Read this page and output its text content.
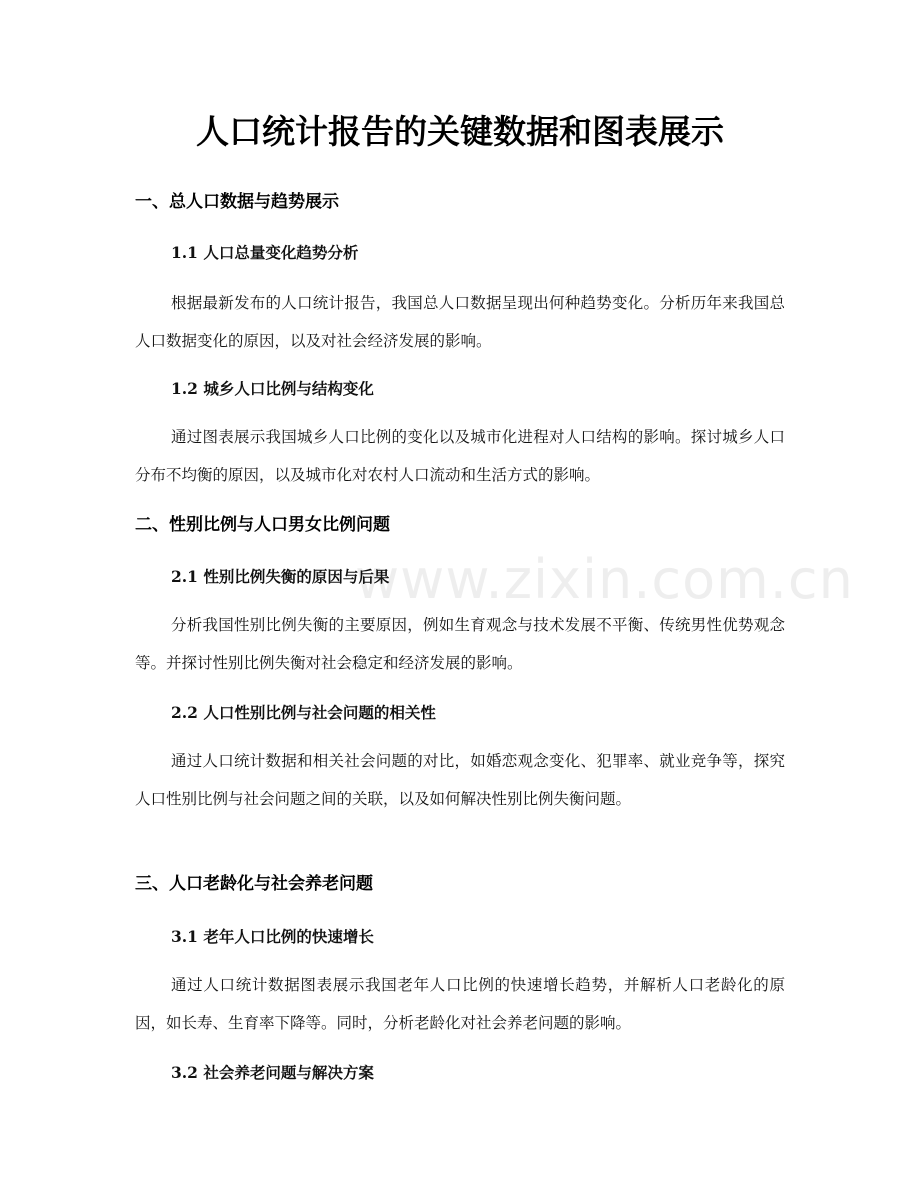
www.zixin.com.cn
人口统计报告的关键数据和图表展示
一、总人口数据与趋势展示
1.1 人口总量变化趋势分析

根据最新发布的人口统计报告，我国总人口数据呈现出何种趋势变化。分析历年来我国总人口数据变化的原因，以及对社会经济发展的影响。

1.2 城乡人口比例与结构变化

通过图表展示我国城乡人口比例的变化以及城市化进程对人口结构的影响。探讨城乡人口分布不均衡的原因，以及城市化对农村人口流动和生活方式的影响。

二、性别比例与人口男女比例问题
2.1 性别比例失衡的原因与后果

分析我国性别比例失衡的主要原因，例如生育观念与技术发展不平衡、传统男性优势观念等。并探讨性别比例失衡对社会稳定和经济发展的影响。

2.2 人口性别比例与社会问题的相关性

通过人口统计数据和相关社会问题的对比，如婚恋观念变化、犯罪率、就业竞争等，探究人口性别比例与社会问题之间的关联，以及如何解决性别比例失衡问题。

三、人口老龄化与社会养老问题
3.1 老年人口比例的快速增长

通过人口统计数据图表展示我国老年人口比例的快速增长趋势，并解析人口老龄化的原因，如长寿、生育率下降等。同时，分析老龄化对社会养老问题的影响。

3.2 社会养老问题与解决方案
